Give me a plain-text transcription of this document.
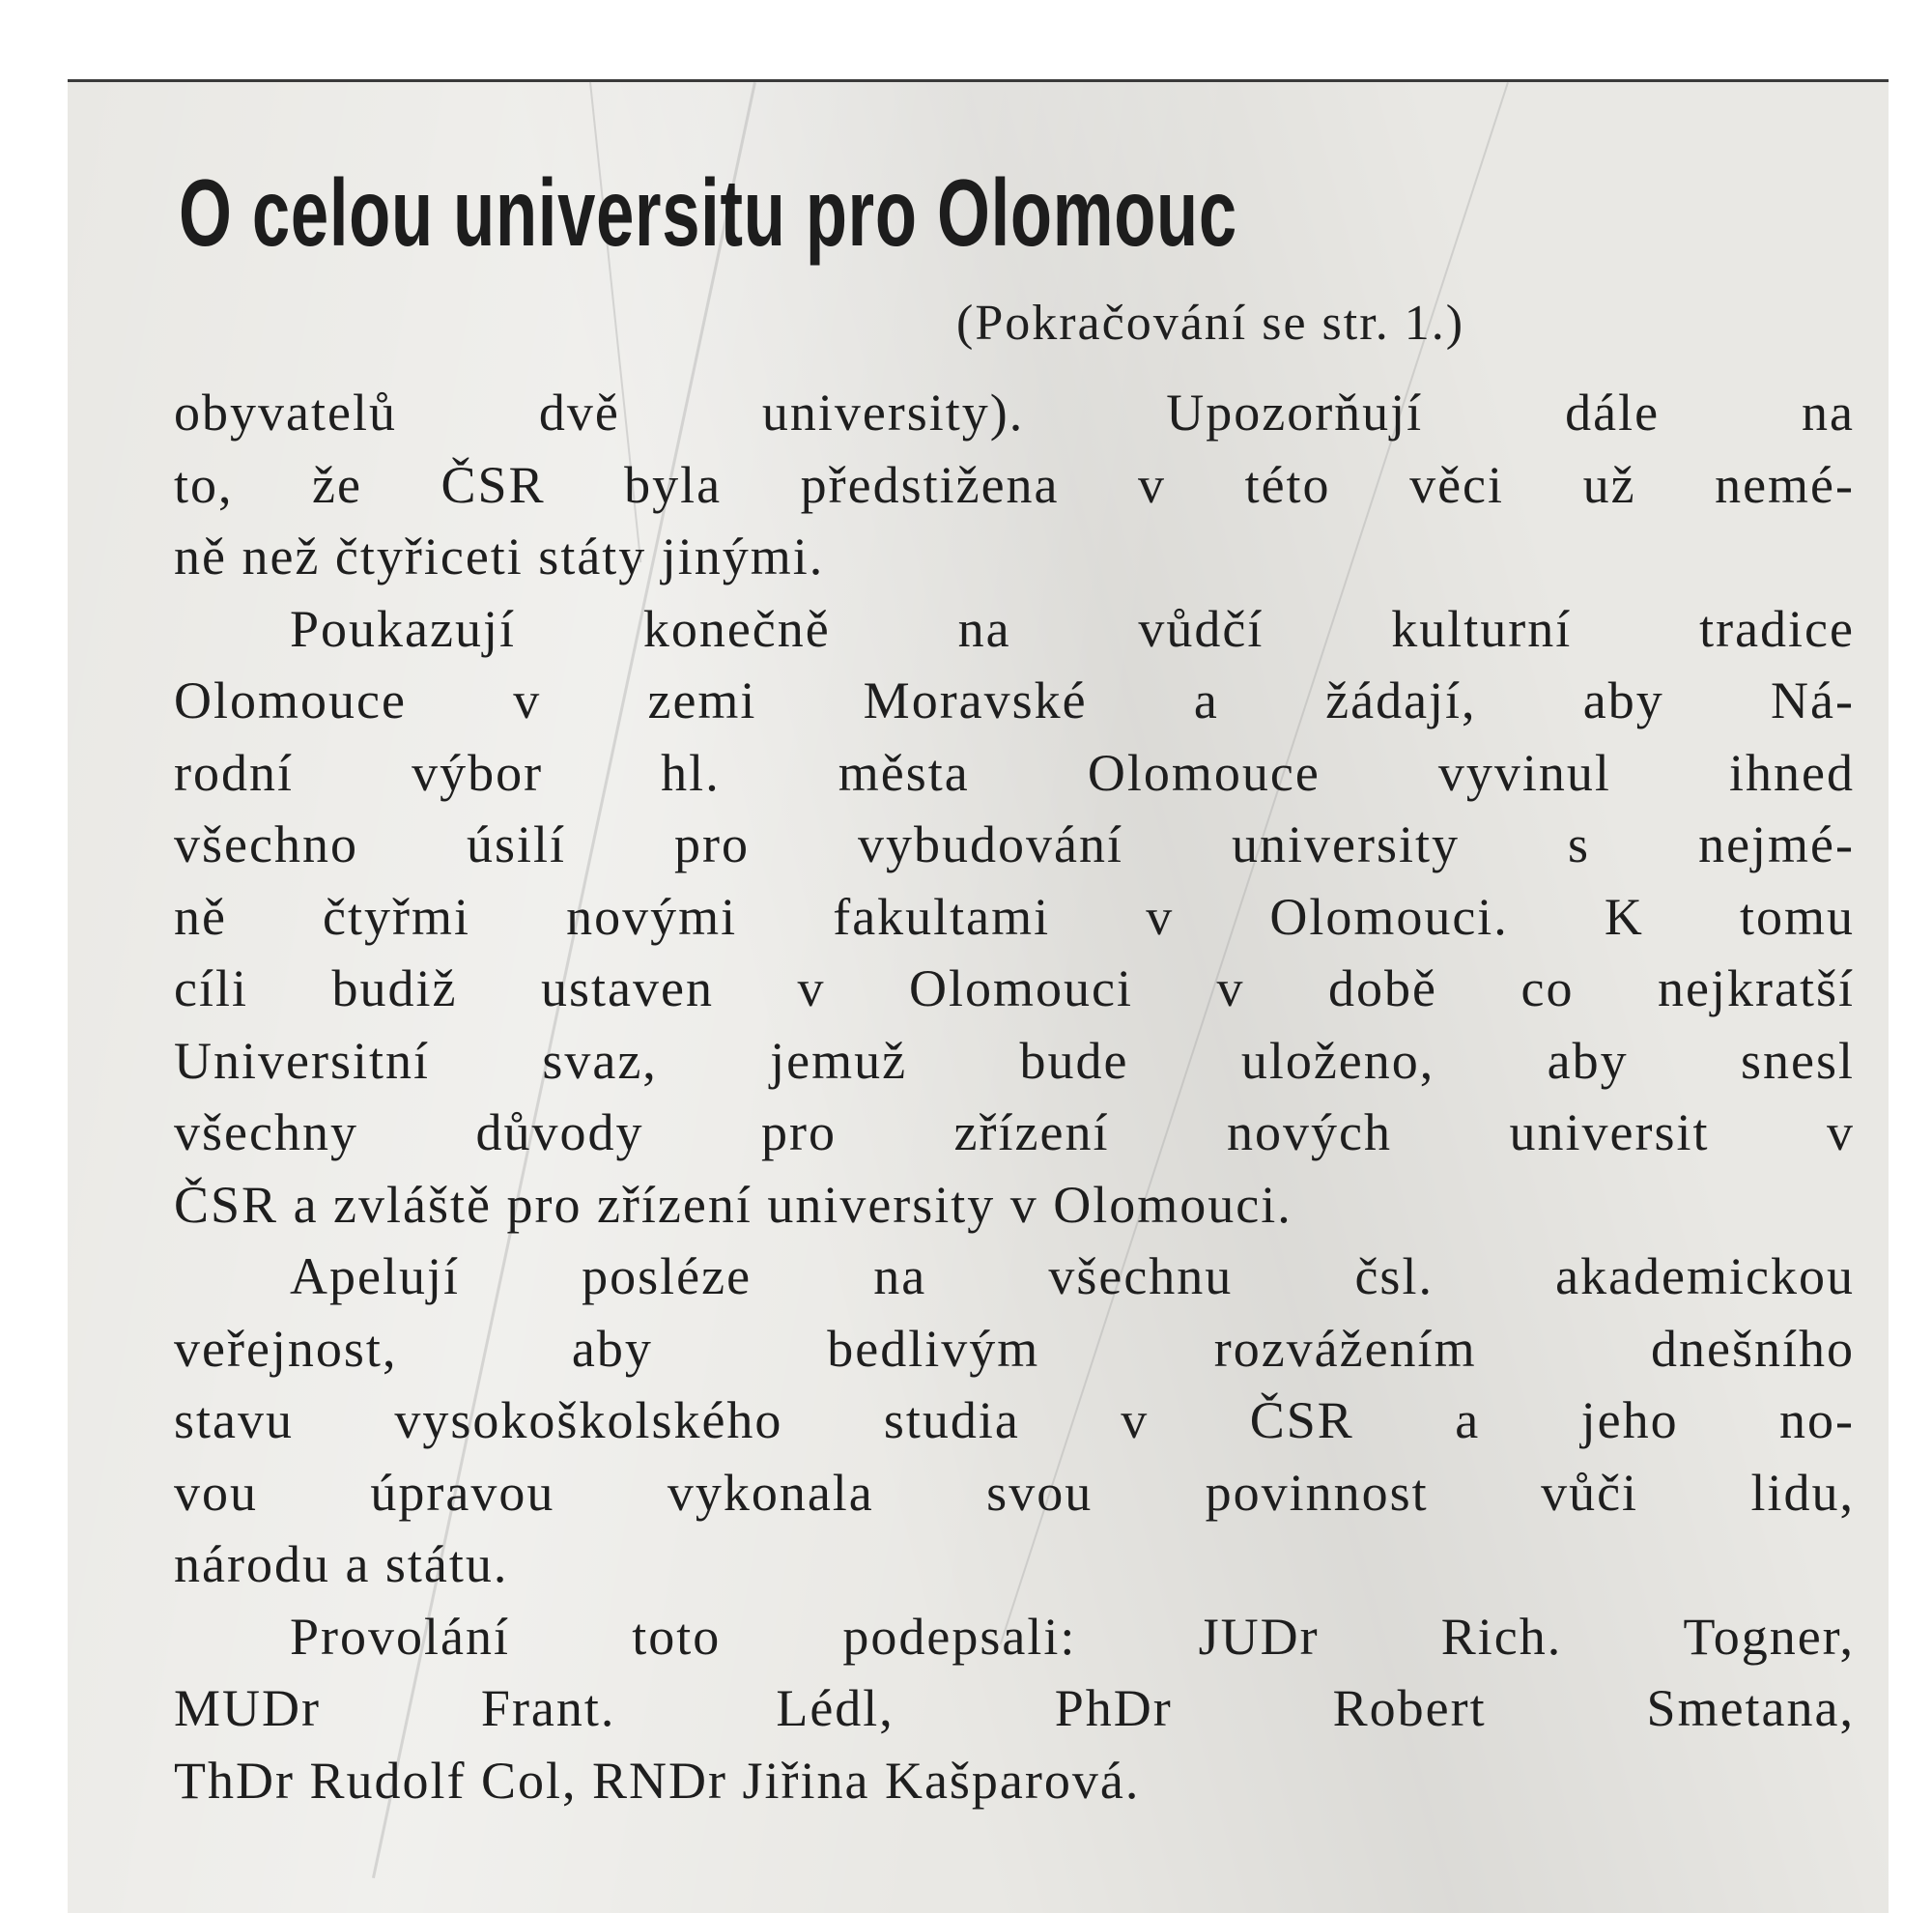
O celou universitu pro Olomouc
(Pokračování se str. 1.)
obyvatelů dvě university). Upozorňují dále na
to, že ČSR byla předstižena v této věci už nemé-
ně než čtyřiceti státy jinými.
Poukazují konečně na vůdčí kulturní tradice
Olomouce v zemi Moravské a žádají, aby Ná-
rodní výbor hl. města Olomouce vyvinul ihned
všechno úsilí pro vybudování university s nejmé-
ně čtyřmi novými fakultami v Olomouci. K tomu
cíli budiž ustaven v Olomouci v době co nejkratší
Universitní svaz, jemuž bude uloženo, aby snesl
všechny důvody pro zřízení nových universit v
ČSR a zvláště pro zřízení university v Olomouci.
Apelují posléze na všechnu čsl. akademickou
veřejnost, aby bedlivým rozvážením dnešního
stavu vysokoškolského studia v ČSR a jeho no-
vou úpravou vykonala svou povinnost vůči lidu,
národu a státu.
Provolání toto podepsali: JUDr Rich. Togner,
MUDr Frant. Lédl, PhDr Robert Smetana,
ThDr Rudolf Col, RNDr Jiřina Kašparová.
